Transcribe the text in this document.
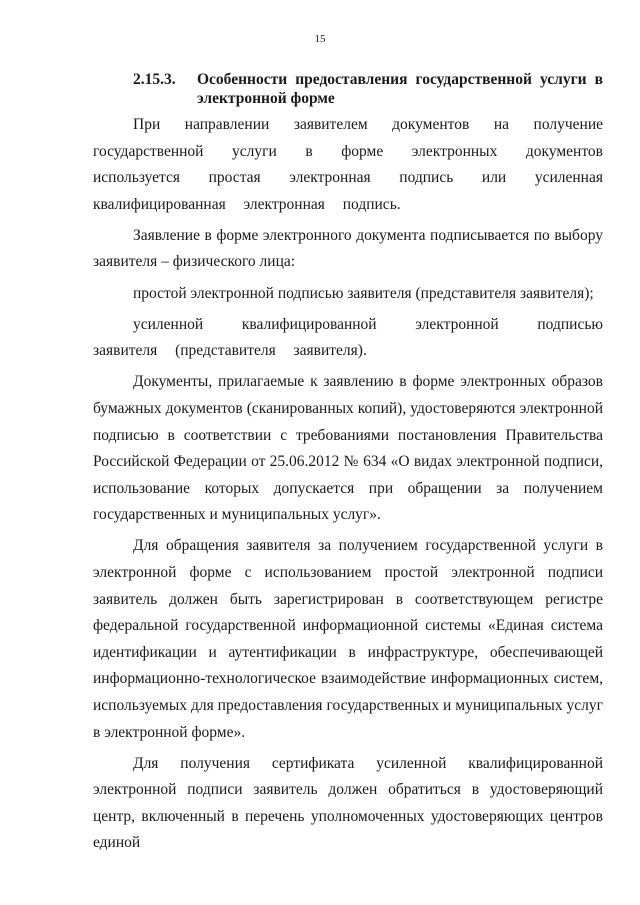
15
2.15.3. Особенности предоставления государственной услуги в электронной форме

При направлении заявителем документов на получение государственной услуги в форме электронных документов используется простая электронная подпись или усиленная квалифицированная электронная подпись.

Заявление в форме электронного документа подписывается по выбору заявителя – физического лица:

простой электронной подписью заявителя (представителя заявителя);

усиленной квалифицированной электронной подписью заявителя (представителя заявителя).

Документы, прилагаемые к заявлению в форме электронных образов бумажных документов (сканированных копий), удостоверяются электронной подписью в соответствии с требованиями постановления Правительства Российской Федерации от 25.06.2012 № 634 «О видах электронной подписи, использование которых допускается при обращении за получением государственных и муниципальных услуг».

Для обращения заявителя за получением государственной услуги в электронной форме с использованием простой электронной подписи заявитель должен быть зарегистрирован в соответствующем регистре федеральной государственной информационной системы «Единая система идентификации и аутентификации в инфраструктуре, обеспечивающей информационно-технологическое взаимодействие информационных систем, используемых для предоставления государственных и муниципальных услуг в электронной форме».

Для получения сертификата усиленной квалифицированной электронной подписи заявитель должен обратиться в удостоверяющий центр, включенный в перечень уполномоченных удостоверяющих центров единой
